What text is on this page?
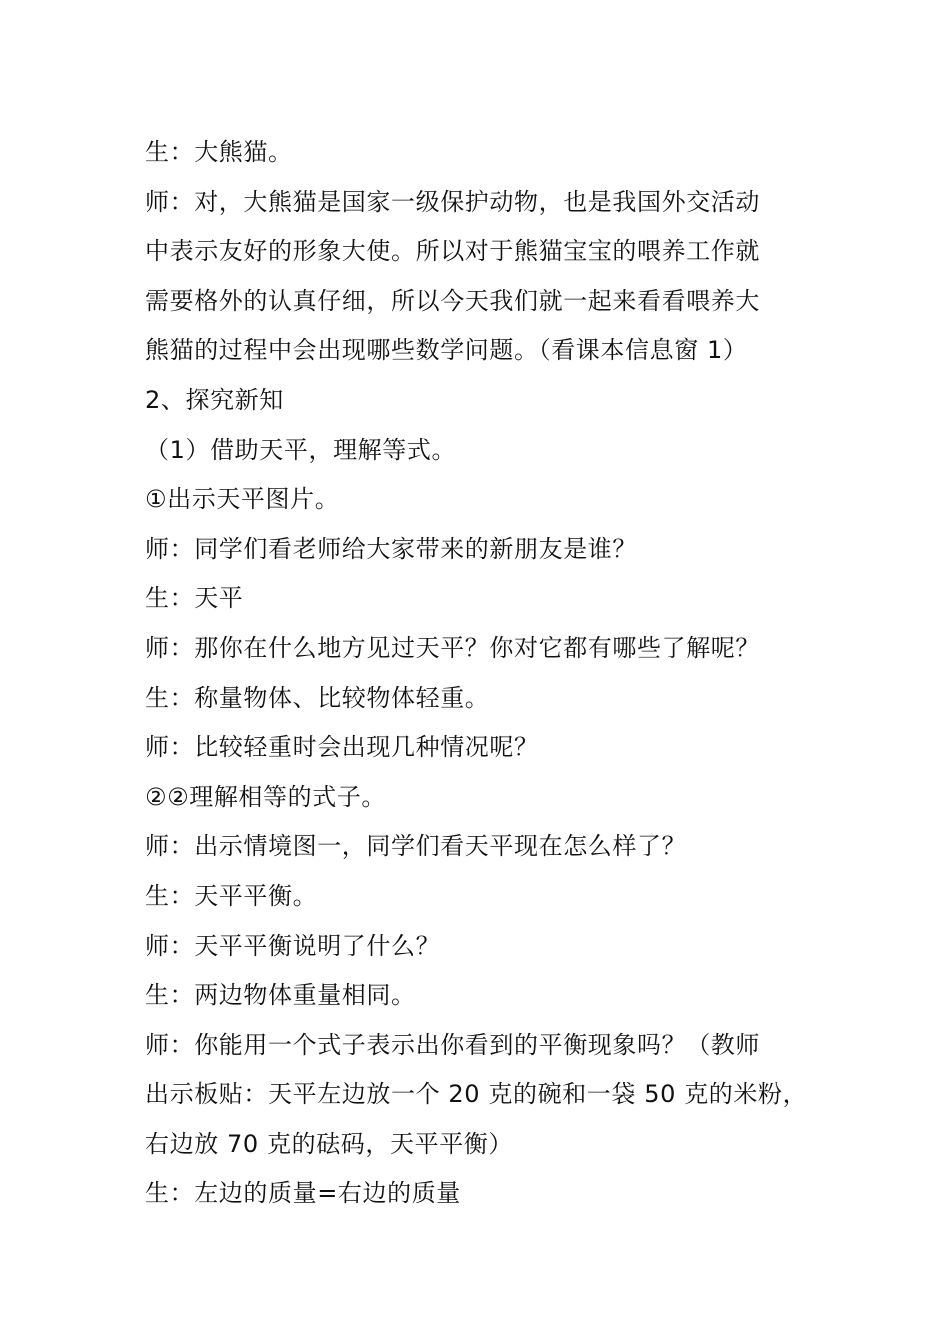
生：大熊猫。
师：对，大熊猫是国家一级保护动物，也是我国外交活动
中表示友好的形象大使。所以对于熊猫宝宝的喂养工作就
需要格外的认真仔细，所以今天我们就一起来看看喂养大
熊猫的过程中会出现哪些数学问题。（看课本信息窗 1）
2、探究新知
（1）借助天平，理解等式。
①出示天平图片。
师：同学们看老师给大家带来的新朋友是谁？
生：天平
师：那你在什么地方见过天平？你对它都有哪些了解呢？
生：称量物体、比较物体轻重。
师：比较轻重时会出现几种情况呢？
②②理解相等的式子。
师：出示情境图一，同学们看天平现在怎么样了？
生：天平平衡。
师：天平平衡说明了什么？
生：两边物体重量相同。
师：你能用一个式子表示出你看到的平衡现象吗？（教师
出示板贴：天平左边放一个 20 克的碗和一袋 50 克的米粉，
右边放 70 克的砝码，天平平衡）
生：左边的质量=右边的质量
